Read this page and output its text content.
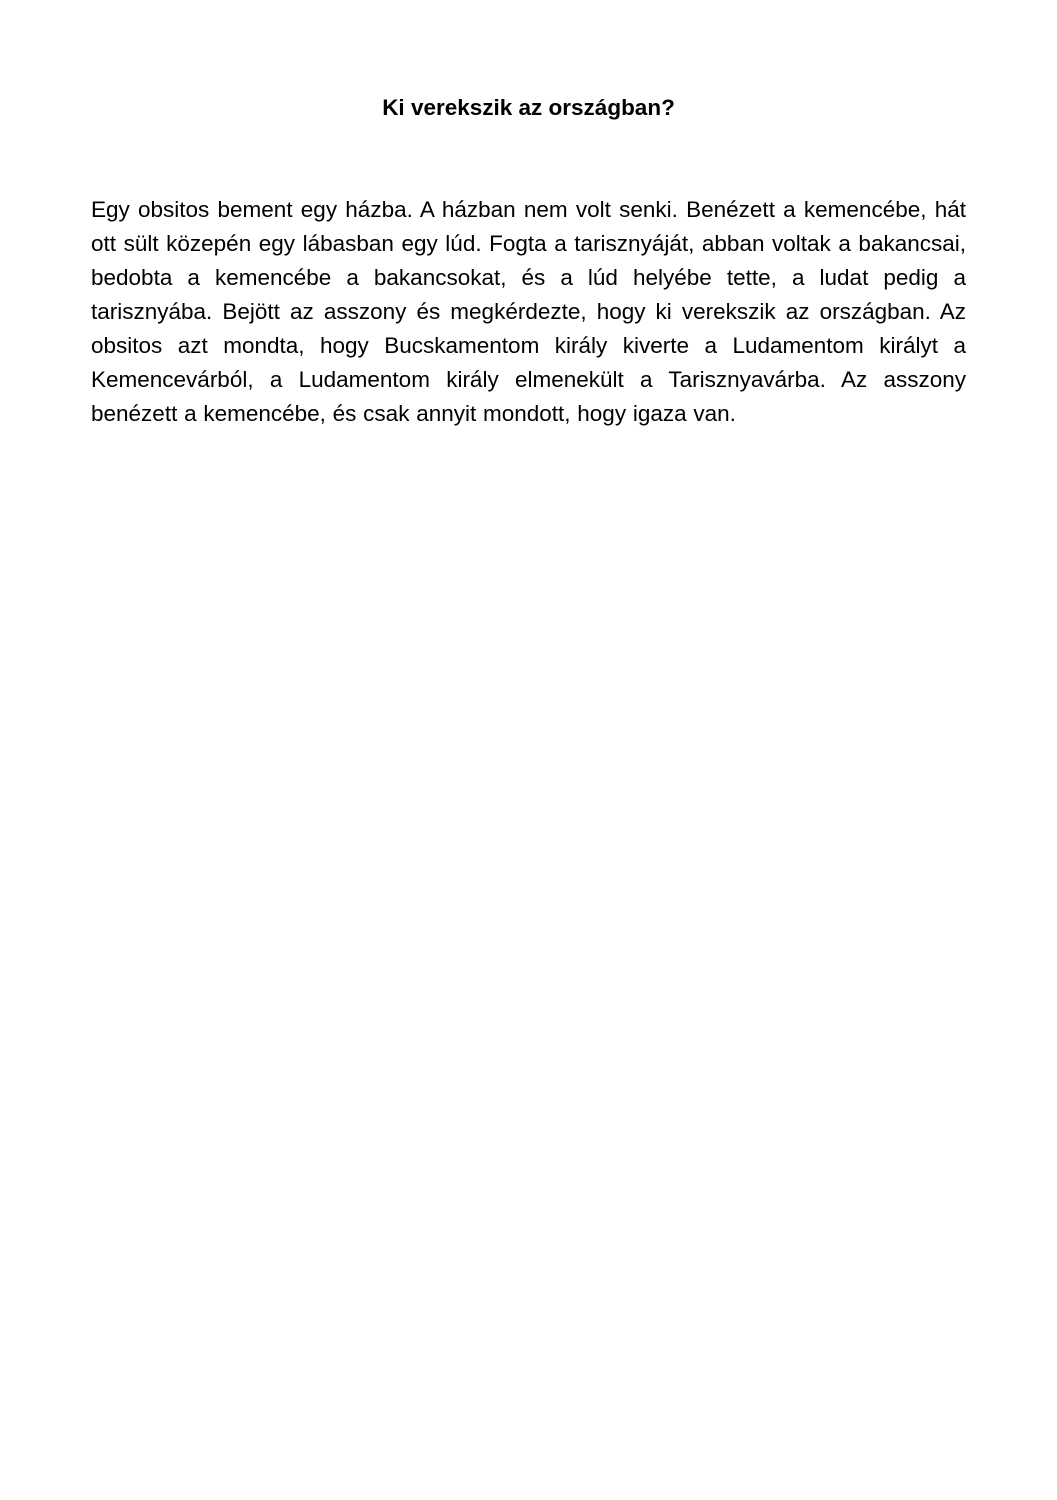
Ki verekszik az országban?

Egy obsitos bement egy házba. A házban nem volt senki. Benézett a kemencébe, hát ott sült közepén egy lábasban egy lúd. Fogta a tarisznyáját, abban voltak a bakancsai, bedobta a kemencébe a bakancsokat, és a lúd helyébe tette, a ludat pedig a tarisznyába. Bejött az asszony és megkérdezte, hogy ki verekszik az országban. Az obsitos azt mondta, hogy Bucskamentom király kiverte a Ludamentom királyt a Kemencevárból, a Ludamentom király elmenekült a Tarisznyavárba. Az asszony benézett a kemencébe, és csak annyit mondott, hogy igaza van.
